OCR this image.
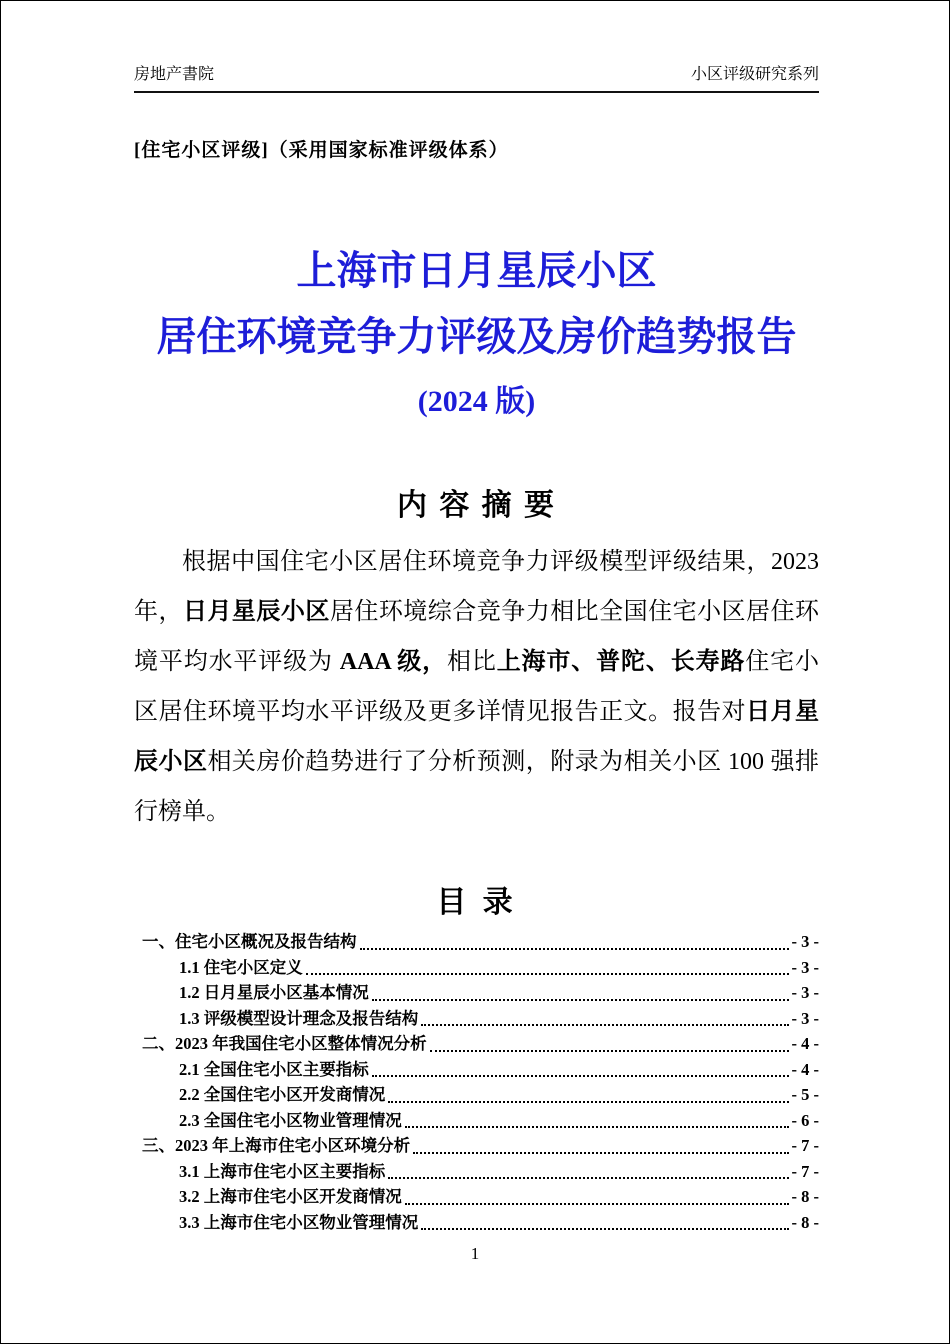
房地产書院	小区评级研究系列
[住宅小区评级]（采用国家标准评级体系）
上海市日月星辰小区
居住环境竞争力评级及房价趋势报告
(2024 版)
内 容 摘 要

根据中国住宅小区居住环境竞争力评级模型评级结果，2023 年，日月星辰小区居住环境综合竞争力相比全国住宅小区居住环境平均水平评级为 AAA 级，相比上海市、普陀、长寿路住宅小区居住环境平均水平评级及更多详情见报告正文。报告对日月星辰小区相关房价趋势进行了分析预测，附录为相关小区 100 强排行榜单。

目 录
一、住宅小区概况及报告结构	- 3 -
1.1 住宅小区定义	- 3 -
1.2 日月星辰小区基本情况	- 3 -
1.3 评级模型设计理念及报告结构	- 3 -
二、2023 年我国住宅小区整体情况分析	- 4 -
2.1 全国住宅小区主要指标	- 4 -
2.2 全国住宅小区开发商情况	- 5 -
2.3 全国住宅小区物业管理情况	- 6 -
三、2023 年上海市住宅小区环境分析	- 7 -
3.1 上海市住宅小区主要指标	- 7 -
3.2 上海市住宅小区开发商情况	- 8 -
3.3 上海市住宅小区物业管理情况	- 8 -
1
